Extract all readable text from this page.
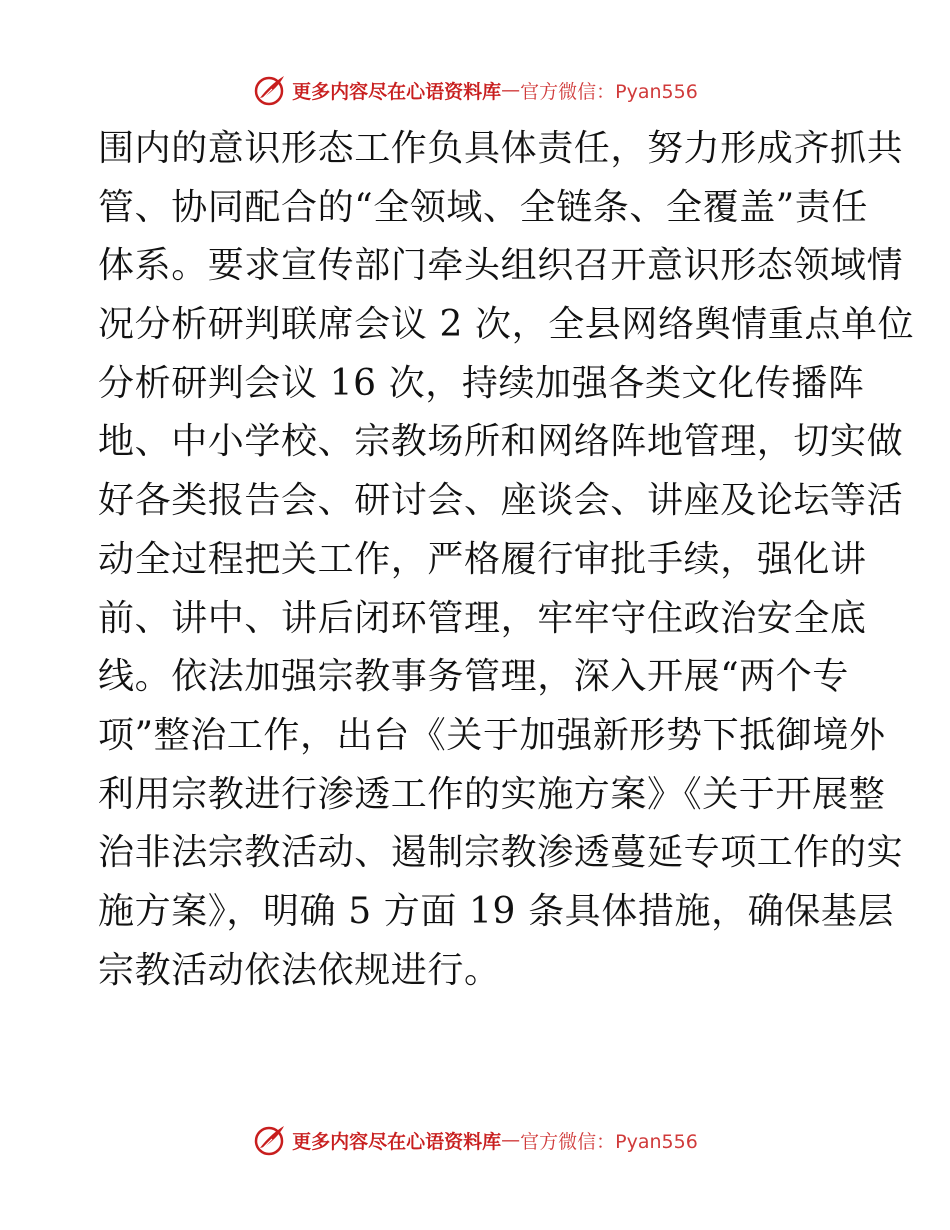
更多内容尽在心语资料库 — 官方微信：Pyan556
围内的意识形态工作负具体责任，努力形成齐抓共
管、协同配合的“全领域、全链条、全覆盖”责任
体系。要求宣传部门牵头组织召开意识形态领域情
况分析研判联席会议 2 次，全县网络舆情重点单位
分析研判会议 16 次，持续加强各类文化传播阵
地、中小学校、宗教场所和网络阵地管理，切实做
好各类报告会、研讨会、座谈会、讲座及论坛等活
动全过程把关工作，严格履行审批手续，强化讲
前、讲中、讲后闭环管理，牢牢守住政治安全底
线。依法加强宗教事务管理，深入开展“两个专
项”整治工作，出台《关于加强新形势下抵御境外
利用宗教进行渗透工作的实施方案》《关于开展整
治非法宗教活动、遏制宗教渗透蔓延专项工作的实
施方案》，明确 5 方面 19 条具体措施，确保基层
宗教活动依法依规进行。
更多内容尽在心语资料库 — 官方微信：Pyan556
